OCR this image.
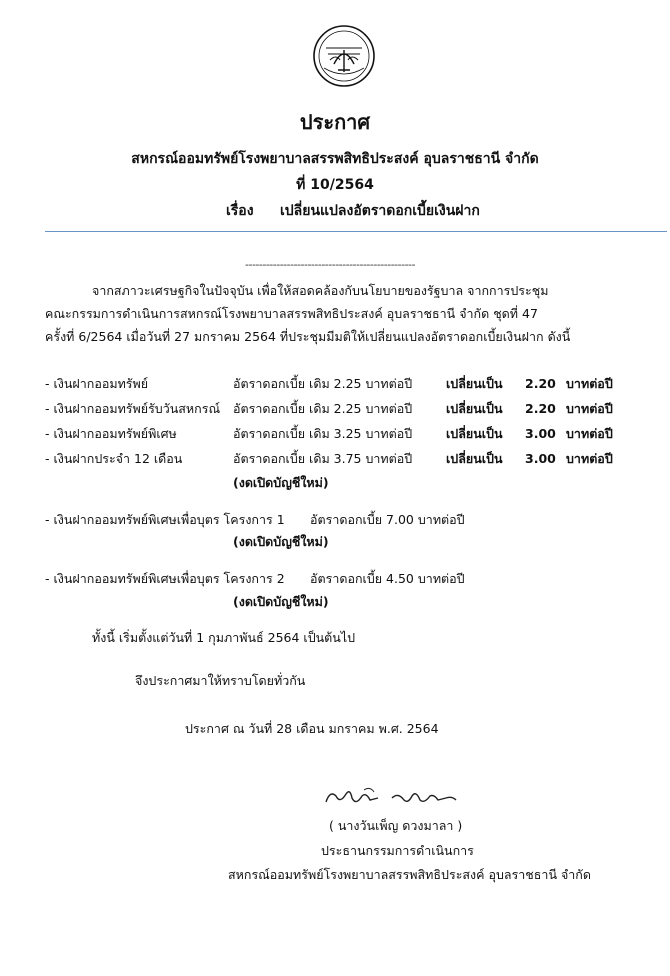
ประกาศ
สหกรณ์ออมทรัพย์โรงพยาบาลสรรพสิทธิประสงค์ อุบลราชธานี จำกัด
ที่ 10/2564
เรื่อง เปลี่ยนแปลงอัตราดอกเบี้ยเงินฝาก
-------------------------------------------------
จากสภาวะเศรษฐกิจในปัจจุบัน เพื่อให้สอดคล้องกับนโยบายของรัฐบาล จากการประชุม
คณะกรรมการดำเนินการสหกรณ์โรงพยาบาลสรรพสิทธิประสงค์ อุบลราชธานี จำกัด ชุดที่ 47
ครั้งที่ 6/2564 เมื่อวันที่ 27 มกราคม 2564 ที่ประชุมมีมติให้เปลี่ยนแปลงอัตราดอกเบี้ยเงินฝาก ดังนี้
- เงินฝากออมทรัพย์	อัตราดอกเบี้ย เดิม 2.25 บาทต่อปี	เปลี่ยนเป็น 2.20 บาทต่อปี
- เงินฝากออมทรัพย์รับวันสหกรณ์ อัตราดอกเบี้ย เดิม 2.25 บาทต่อปี	เปลี่ยนเป็น 2.20 บาทต่อปี
- เงินฝากออมทรัพย์พิเศษ	อัตราดอกเบี้ย เดิม 3.25 บาทต่อปี	เปลี่ยนเป็น 3.00 บาทต่อปี
- เงินฝากประจำ 12 เดือน	อัตราดอกเบี้ย เดิม 3.75 บาทต่อปี	เปลี่ยนเป็น 3.00 บาทต่อปี
(งดเปิดบัญชีใหม่)
- เงินฝากออมทรัพย์พิเศษเพื่อบุตร โครงการ 1 อัตราดอกเบี้ย 7.00 บาทต่อปี
(งดเปิดบัญชีใหม่)
- เงินฝากออมทรัพย์พิเศษเพื่อบุตร โครงการ 2 อัตราดอกเบี้ย 4.50 บาทต่อปี
(งดเปิดบัญชีใหม่)
ทั้งนี้ เริ่มตั้งแต่วันที่ 1 กุมภาพันธ์ 2564 เป็นต้นไป
จึงประกาศมาให้ทราบโดยทั่วกัน
ประกาศ ณ วันที่ 28 เดือน มกราคม พ.ศ. 2564
( นางวันเพ็ญ ดวงมาลา )
ประธานกรรมการดำเนินการ
สหกรณ์ออมทรัพย์โรงพยาบาลสรรพสิทธิประสงค์ อุบลราชธานี จำกัด
